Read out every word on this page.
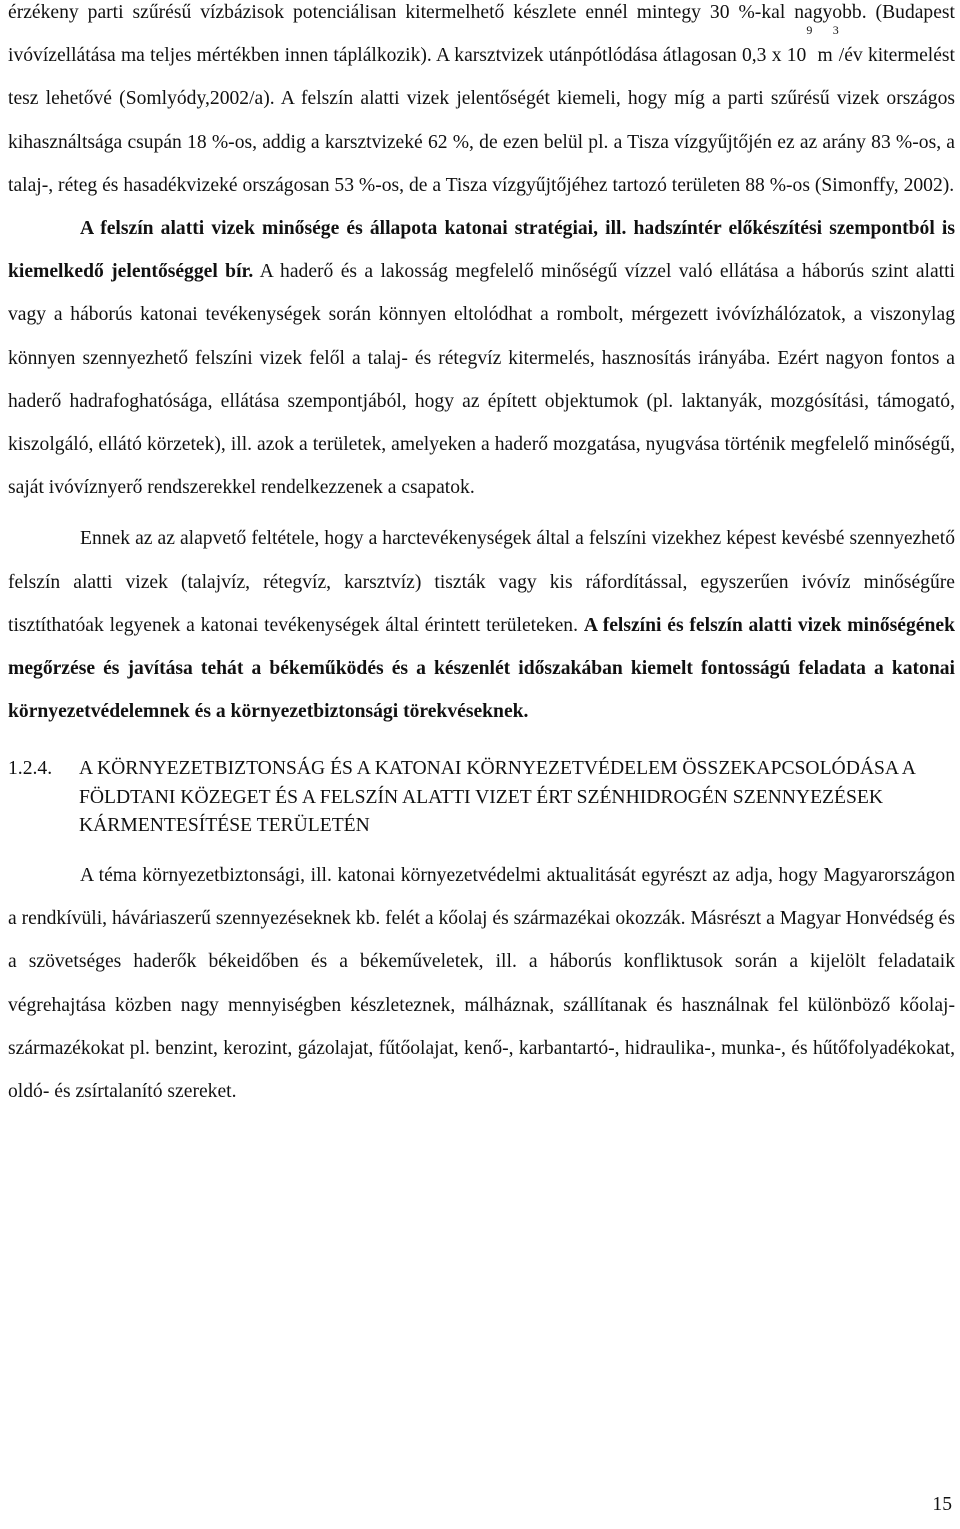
érzékeny parti szűrésű vízbázisok potenciálisan kitermelhető készlete ennél mintegy 30 %-kal nagyobb. (Budapest ivóvízellátása ma teljes mértékben innen táplálkozik). A karsztvizek utánpótlódása átlagosan 0,3 x $10^9$ $m^3/év$ kitermelést tesz lehetővé (Somlyódy,2002/a). A felszín alatti vizek jelentőségét kiemeli, hogy míg a parti szűrésű vizek országos kihasználtsága csupán 18 %-os, addig a karsztvizeké 62 %, de ezen belül pl. a Tisza vízgyűjtőjén ez az arány 83 %-os, a talaj-, réteg és hasadékvizeké országosan 53 %-os, de a Tisza vízgyűjtőjéhez tartozó területen 88 %-os (Simonffy, 2002).

A felszín alatti vizek minősége és állapota katonai stratégiai, ill. hadszíntér előkészítési szempontból is kiemelkedő jelentőséggel bír. A haderő és a lakosság megfelelő minőségű vízzel való ellátása a háborús szint alatti vagy a háborús katonai tevékenységek során könnyen eltolódhat a rombolt, mérgezett ivóvízhálózatok, a viszonylag könnyen szennyezhető felszíni vizek felől a talaj- és rétegvíz kitermelés, hasznosítás irányába. Ezért nagyon fontos a haderő hadrafoghatósága, ellátása szempontjából, hogy az épített objektumok (pl. laktanyák, mozgósítási, támogató, kiszolgáló, ellátó körzetek), ill. azok a területek, amelyeken a haderő mozgatása, nyugvása történik megfelelő minőségű, saját ivóvíznyerő rendszerekkel rendelkezzenek a csapatok.

Ennek az az alapvető feltétele, hogy a harctevékenységek által a felszíni vizekhez képest kevésbé szennyezhető felszín alatti vizek (talajvíz, rétegvíz, karsztvíz) tiszták vagy kis ráfordítással, egyszerűen ivóvíz minőségűre tisztíthatóak legyenek a katonai tevékenységek által érintett területeken. A felszíni és felszín alatti vizek minőségének megőrzése és javítása tehát a békeműködés és a készenlét időszakában kiemelt fontosságú feladata a katonai környezetvédelemnek és a környezetbiztonsági törekvéseknek.

1.2.4. A KÖRNYEZETBIZTONSÁG ÉS A KATONAI KÖRNYEZETVÉDELEM ÖSSZEKAPCSOLÓDÁSA A FÖLDTANI KÖZEGET ÉS A FELSZÍN ALATTI VIZET ÉRT SZÉNHIDROGÉN SZENNYEZÉSEK KÁRMENTESÍTÉSE TERÜLETÉN

A téma környezetbiztonsági, ill. katonai környezetvédelmi aktualitását egyrészt az adja, hogy Magyarországon a rendkívüli, háváriaszerű szennyezéseknek kb. felét a kőolaj és származékai okozzák. Másrészt a Magyar Honvédség és a szövetséges haderők békeidőben és a békeműveletek, ill. a háborús konfliktusok során a kijelölt feladataik végrehajtása közben nagy mennyiségben készleteznek, málháznak, szállítanak és használnak fel különböző kőolaj-származékokat pl. benzint, kerozint, gázolajat, fűtőolajat, kenő-, karbantartó-, hidraulika-, munka-, és hűtőfolyadékokat, oldó- és zsírtalanító szereket.

15
